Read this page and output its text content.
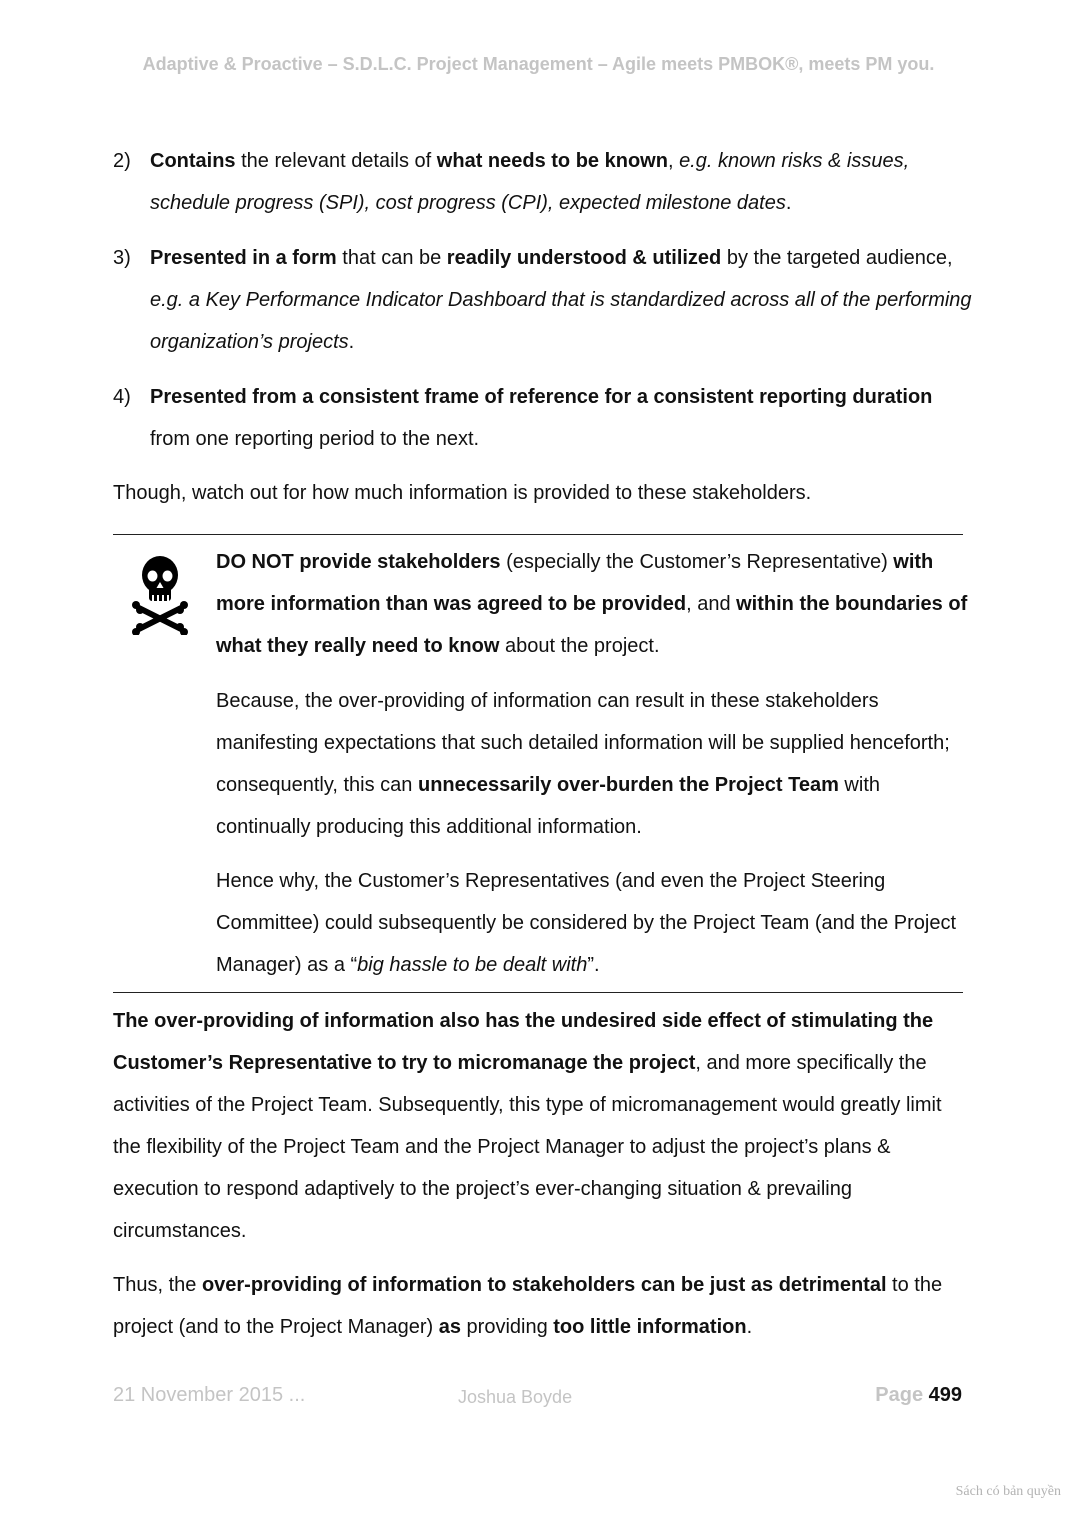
Adaptive & Proactive – S.D.L.C. Project Management – Agile meets PMBOK®, meets PM you.
2) Contains the relevant details of what needs to be known, e.g. known risks & issues, schedule progress (SPI), cost progress (CPI), expected milestone dates.
3) Presented in a form that can be readily understood & utilized by the targeted audience, e.g. a Key Performance Indicator Dashboard that is standardized across all of the performing organization’s projects.
4) Presented from a consistent frame of reference for a consistent reporting duration from one reporting period to the next.
Though, watch out for how much information is provided to these stakeholders.
DO NOT provide stakeholders (especially the Customer’s Representative) with more information than was agreed to be provided, and within the boundaries of what they really need to know about the project.
Because, the over-providing of information can result in these stakeholders manifesting expectations that such detailed information will be supplied henceforth; consequently, this can unnecessarily over-burden the Project Team with continually producing this additional information.
Hence why, the Customer’s Representatives (and even the Project Steering Committee) could subsequently be considered by the Project Team (and the Project Manager) as a “big hassle to be dealt with”.
The over-providing of information also has the undesired side effect of stimulating the Customer’s Representative to try to micromanage the project, and more specifically the activities of the Project Team. Subsequently, this type of micromanagement would greatly limit the flexibility of the Project Team and the Project Manager to adjust the project’s plans & execution to respond adaptively to the project’s ever-changing situation & prevailing circumstances.
Thus, the over-providing of information to stakeholders can be just as detrimental to the project (and to the Project Manager) as providing too little information.
21 November 2015 ...	Joshua Boyde	Page 499
Sách có bản quyền
